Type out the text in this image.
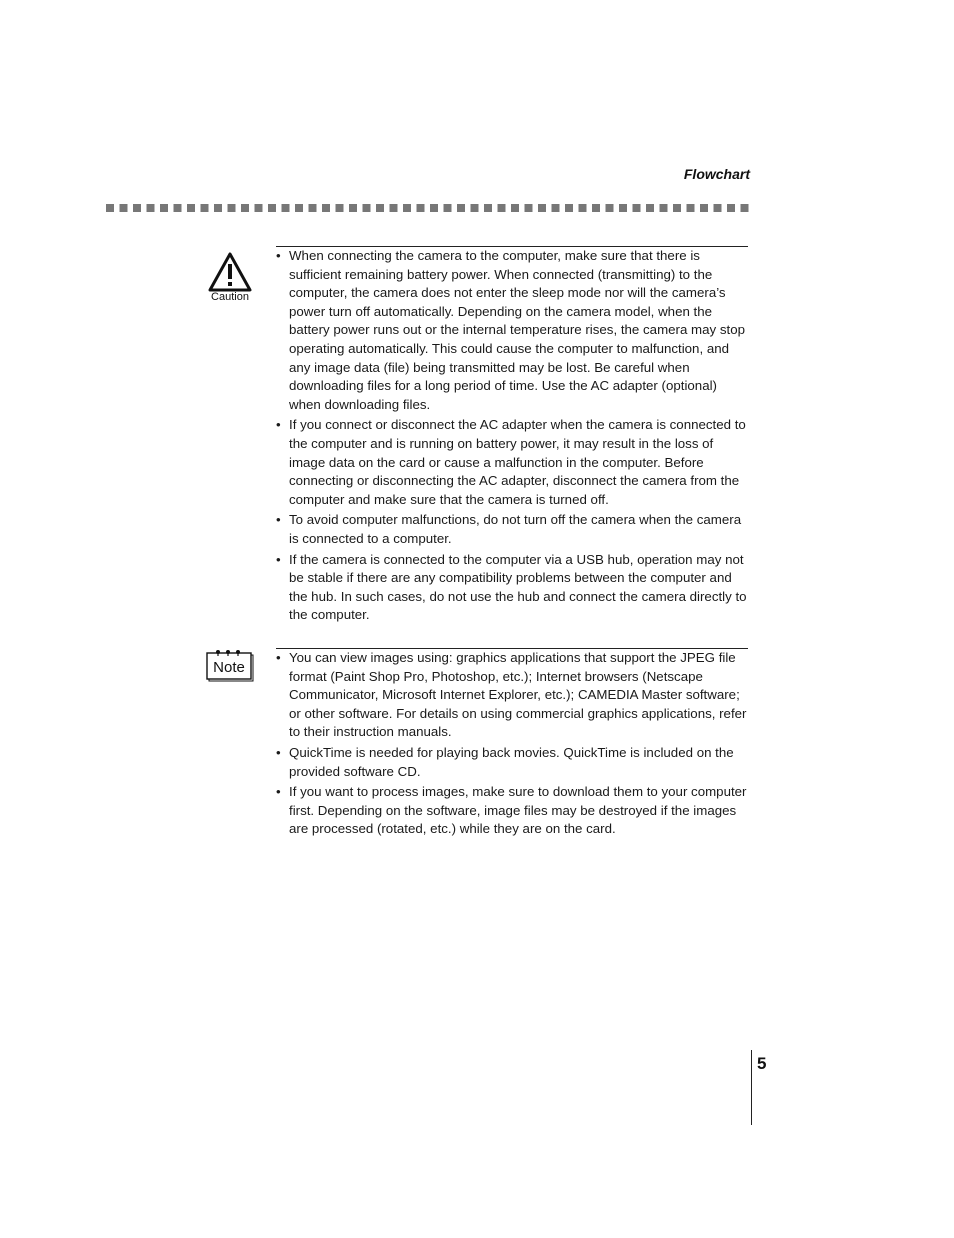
Flowchart
Caution
• When connecting the camera to the computer, make sure that there is sufficient remaining battery power. When connected (transmitting) to the computer, the camera does not enter the sleep mode nor will the camera’s power turn off automatically. Depending on the camera model, when the battery power runs out or the internal temperature rises, the camera may stop operating automatically. This could cause the computer to malfunction, and any image data (file) being transmitted may be lost. Be careful when downloading files for a long period of time. Use the AC adapter (optional) when downloading files.
• If you connect or disconnect the AC adapter when the camera is connected to the computer and is running on battery power, it may result in the loss of image data on the card or cause a malfunction in the computer. Before connecting or disconnecting the AC adapter, disconnect the camera from the computer and make sure that the camera is turned off.
• To avoid computer malfunctions, do not turn off the camera when the camera is connected to a computer.
• If the camera is connected to the computer via a USB hub, operation may not be stable if there are any compatibility problems between the computer and the hub. In such cases, do not use the hub and connect the camera directly to the computer.
Note
• You can view images using: graphics applications that support the JPEG file format (Paint Shop Pro, Photoshop, etc.); Internet browsers (Netscape Communicator, Microsoft Internet Explorer, etc.); CAMEDIA Master software; or other software. For details on using commercial graphics applications, refer to their instruction manuals.
• QuickTime is needed for playing back movies. QuickTime is included on the provided software CD.
• If you want to process images, make sure to download them to your computer first. Depending on the software, image files may be destroyed if the images are processed (rotated, etc.) while they are on the card.
5
